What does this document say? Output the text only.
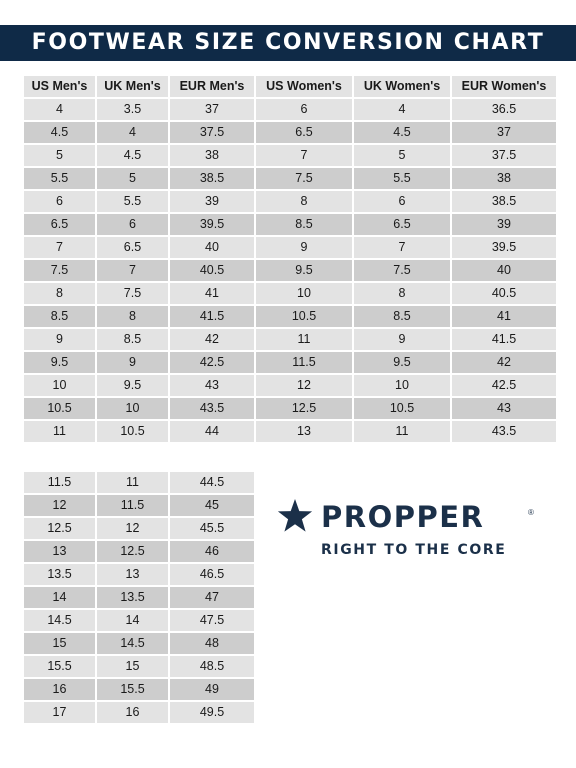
FOOTWEAR SIZE CONVERSION CHART
US Men's	UK Men's	EUR Men's	US Women's	UK Women's	EUR Women's
4	3.5	37	6	4	36.5
4.5	4	37.5	6.5	4.5	37
5	4.5	38	7	5	37.5
5.5	5	38.5	7.5	5.5	38
6	5.5	39	8	6	38.5
6.5	6	39.5	8.5	6.5	39
7	6.5	40	9	7	39.5
7.5	7	40.5	9.5	7.5	40
8	7.5	41	10	8	40.5
8.5	8	41.5	10.5	8.5	41
9	8.5	42	11	9	41.5
9.5	9	42.5	11.5	9.5	42
10	9.5	43	12	10	42.5
10.5	10	43.5	12.5	10.5	43
11	10.5	44	13	11	43.5
11.5	11	44.5
12	11.5	45
12.5	12	45.5
13	12.5	46
13.5	13	46.5
14	13.5	47
14.5	14	47.5
15	14.5	48
15.5	15	48.5
16	15.5	49
17	16	49.5
PROPPER	®
RIGHT TO THE CORE
